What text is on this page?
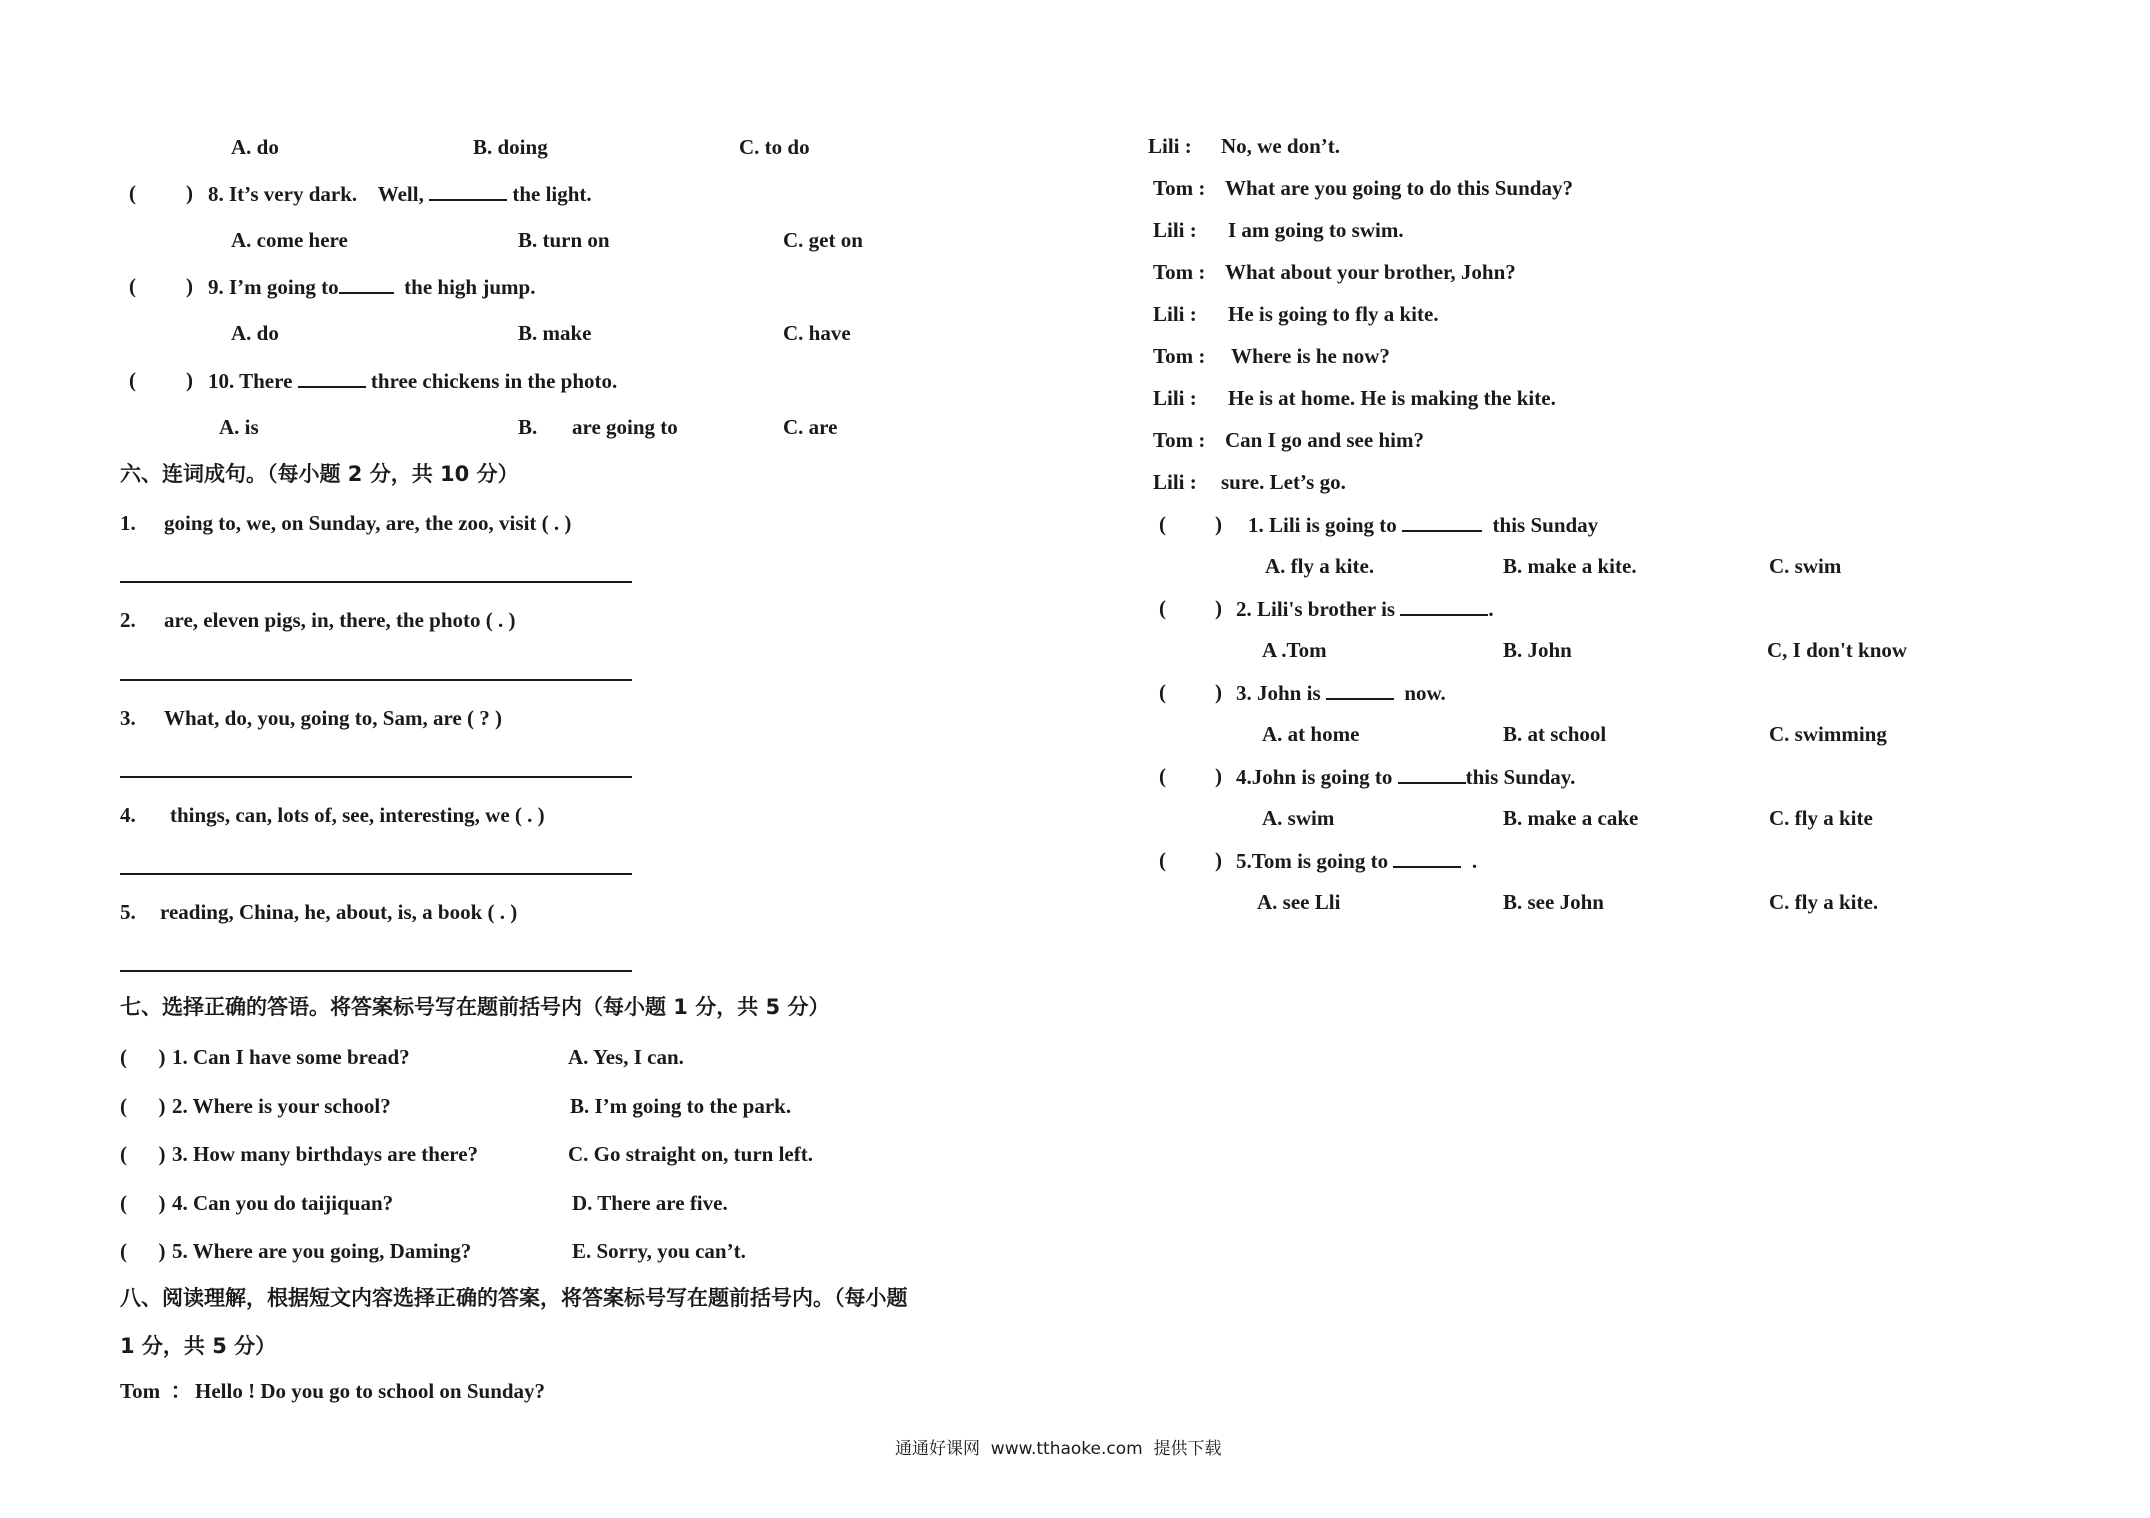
A. do	B. doing	C. to do
( ) 8. It’s very dark.    Well,	the light.
A. come here	B. turn on	C. get on
( ) 9. I’m going to	the high jump.
A. do	B. make	C. have
( ) 10. There	three chickens in the photo.
A. is	B. are going to	C. are
六、连词成句。（每小题 2 分，共 10 分）
1. going to, we, on Sunday, are, the zoo, visit ( . )
2. are, eleven pigs, in, there, the photo ( . )
3. What, do, you, going to, Sam, are ( ? )
4. things, can, lots of, see, interesting, we ( . )
5. reading, China, he, about, is, a book ( . )
七、选择正确的答语。将答案标号写在题前括号内（每小题 1 分，共 5 分）
(      ) 1. Can I have some bread?	A. Yes, I can.
(      ) 2. Where is your school?	B. I’m going to the park.
(      ) 3. How many birthdays are there?	C. Go straight on, turn left.
(      ) 4. Can you do taijiquan?	D. There are five.
(      ) 5. Where are you going, Daming?	E. Sorry, you can’t.
八、阅读理解，根据短文内容选择正确的答案，将答案标号写在题前括号内。（每小题
1 分，共 5 分）
Tom  ： Hello ! Do you go to school on Sunday?
Lili : No, we don’t.
Tom : What are you going to do this Sunday?
Lili : I am going to swim.
Tom : What about your brother, John?
Lili : He is going to fly a kite.
Tom : Where is he now?
Lili : He is at home. He is making the kite.
Tom : Can I go and see him?
Lili : sure. Let’s go.
( ) 1. Lili is going to	this Sunday
A. fly a kite.	B. make a kite.	C. swim
( ) 2. Lili's brother is	.
A .Tom	B. John	C, I don't know
( ) 3. John is	now.
A. at home	B. at school	C. swimming
( ) 4.John is going to	this Sunday.
A. swim	B. make a cake	C. fly a kite
( ) 5.Tom is going to	.
A. see Lli	B. see John	C. fly a kite.
通通好课网  www.tthaoke.com  提供下载
